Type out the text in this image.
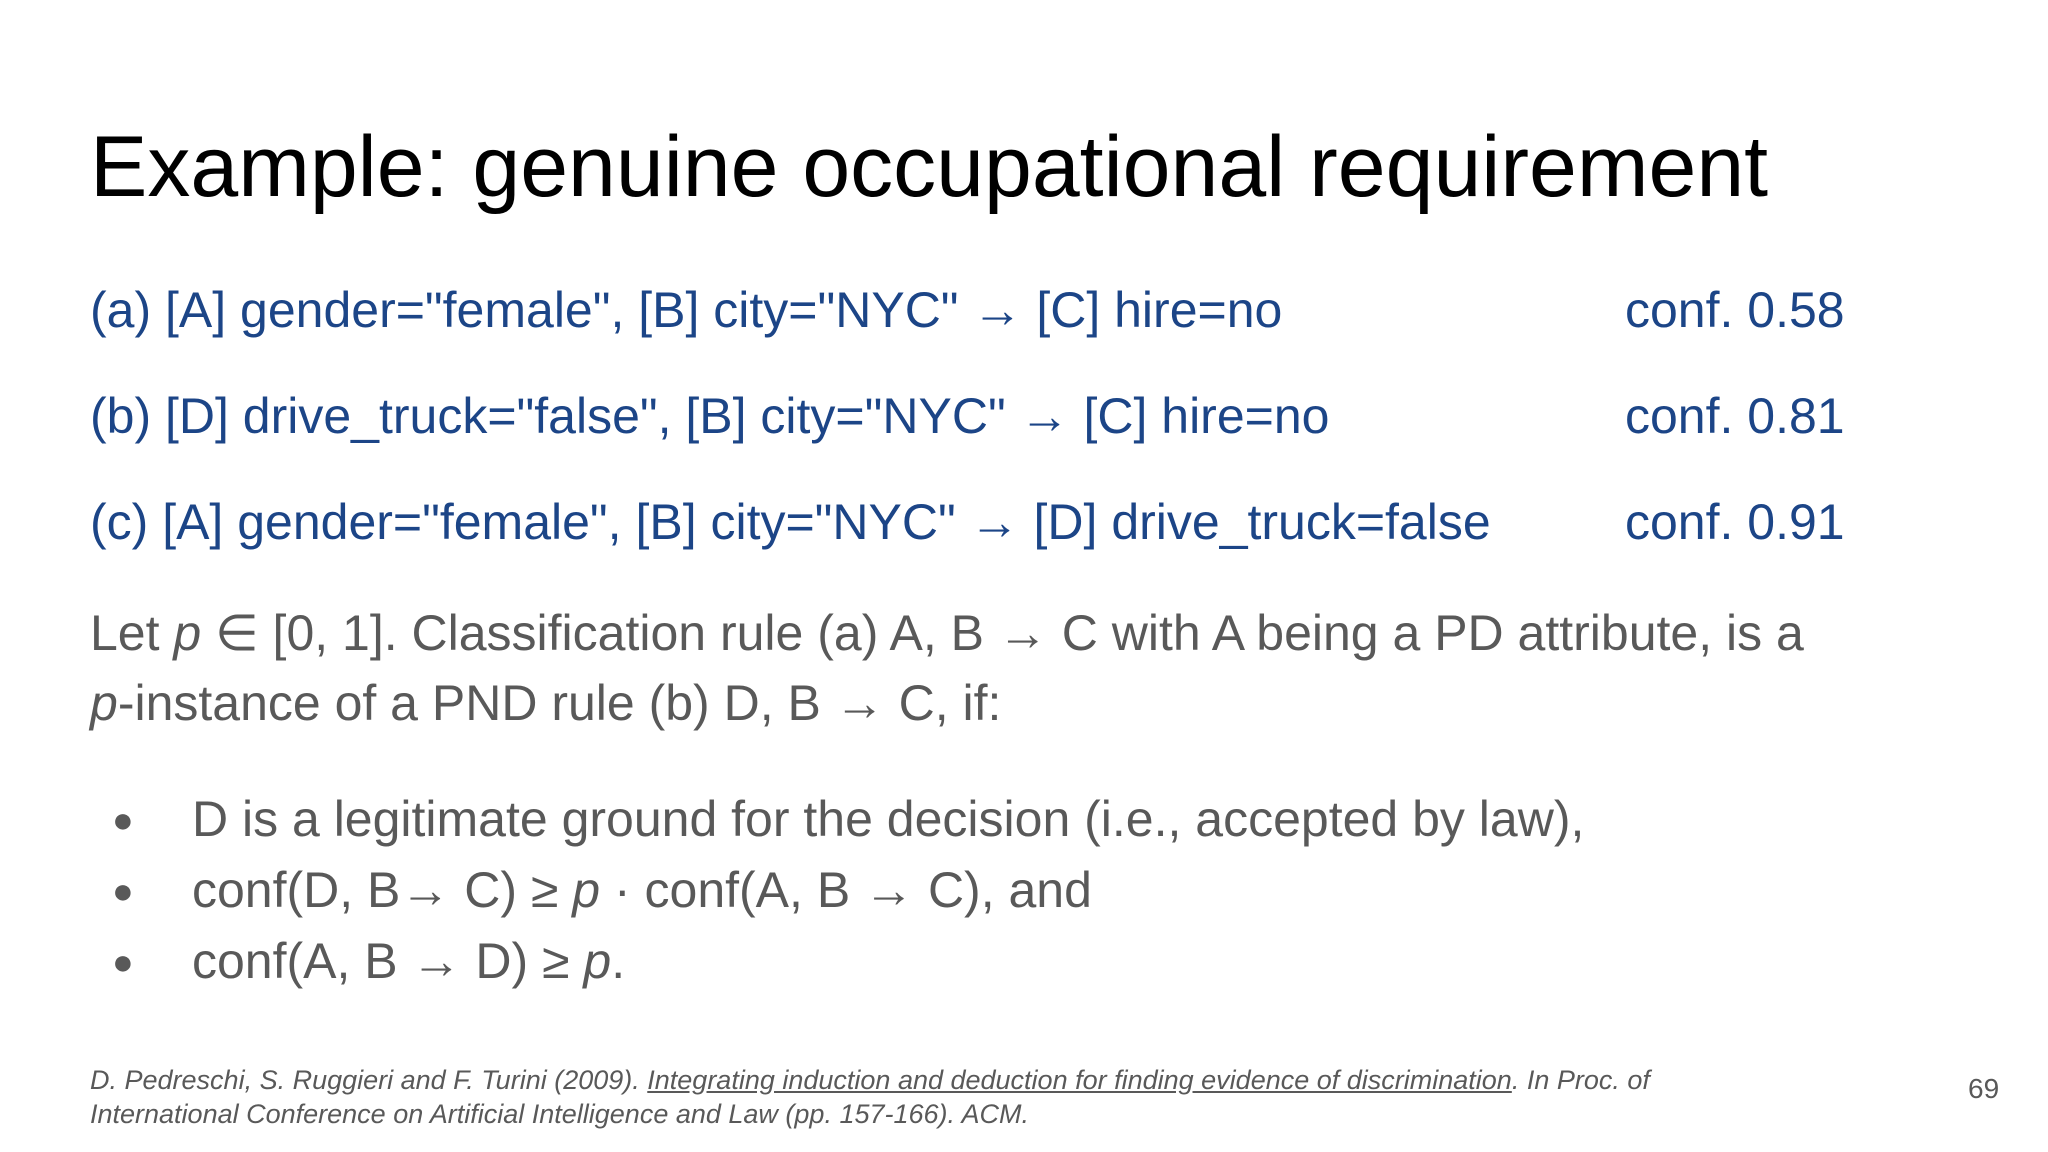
Example: genuine occupational requirement
(a) [A] gender="female", [B] city="NYC" → [C] hire=no	conf. 0.58
(b) [D] drive_truck="false", [B] city="NYC" → [C] hire=no	conf. 0.81
(c) [A] gender="female", [B] city="NYC" → [D] drive_truck=false	conf. 0.91
Let p ∈ [0, 1]. Classification rule (a) A, B → C with A being a PD attribute, is a
p-instance of a PND rule (b) D, B → C, if:
● D is a legitimate ground for the decision (i.e., accepted by law),
● conf(D, B→ C) ≥ p · conf(A, B → C), and
● conf(A, B → D) ≥ p.
D. Pedreschi, S. Ruggieri and F. Turini (2009). Integrating induction and deduction for finding evidence of discrimination. In Proc. of
International Conference on Artificial Intelligence and Law (pp. 157-166). ACM.
69
